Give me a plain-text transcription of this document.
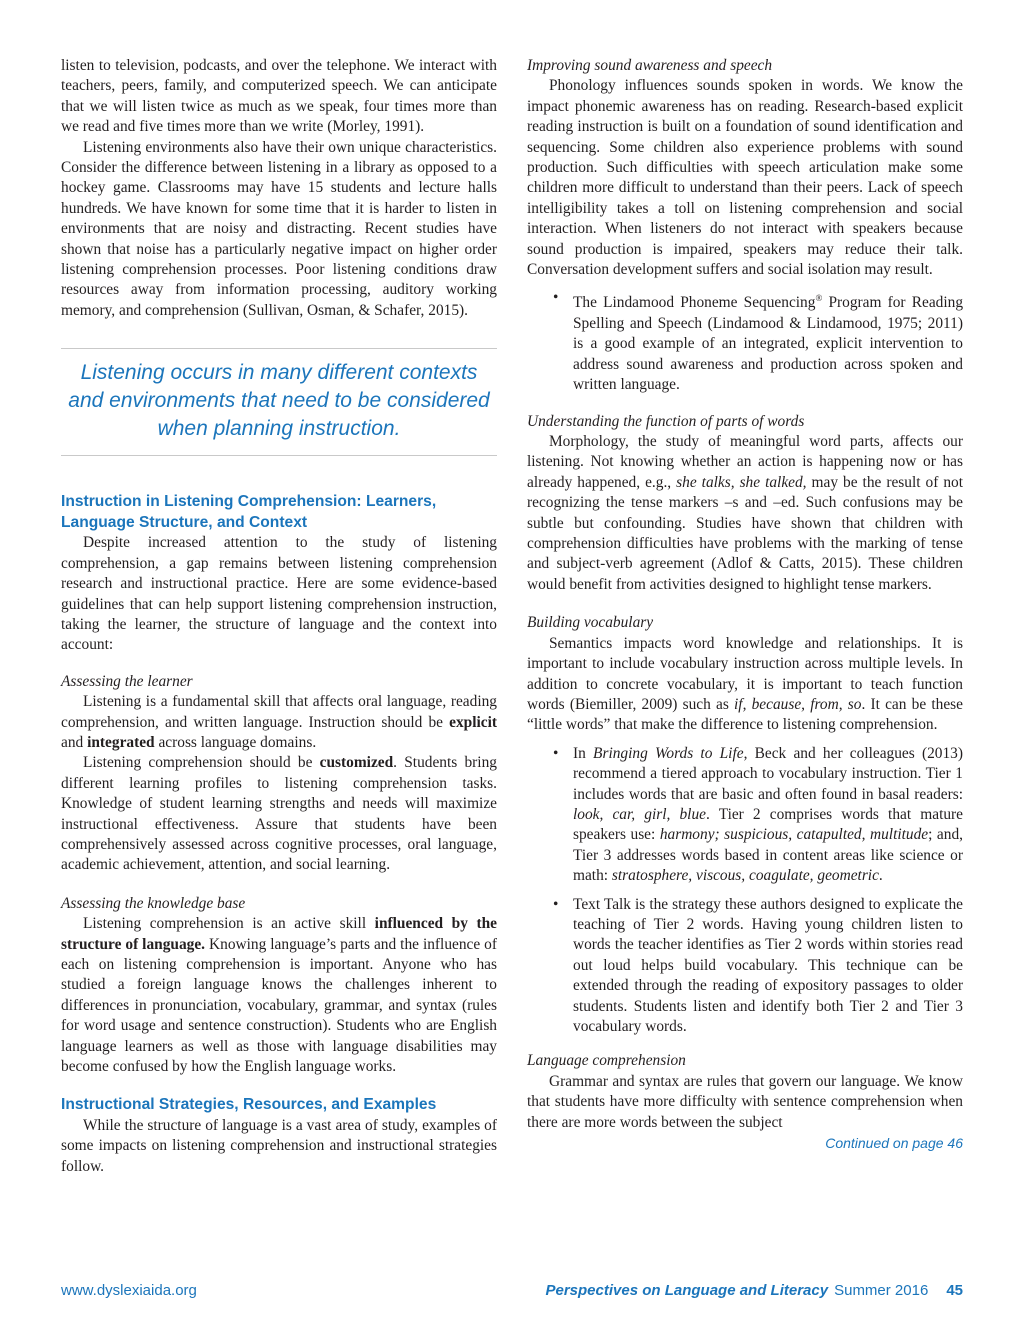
listen to television, podcasts, and over the telephone. We interact with teachers, peers, family, and computerized speech. We can anticipate that we will listen twice as much as we speak, four times more than we read and five times more than we write (Morley, 1991).

Listening environments also have their own unique characteristics. Consider the difference between listening in a library as opposed to a hockey game. Classrooms may have 15 students and lecture halls hundreds. We have known for some time that it is harder to listen in environments that are noisy and distracting. Recent studies have shown that noise has a particularly negative impact on higher order listening comprehension processes. Poor listening conditions draw resources away from information processing, auditory working memory, and comprehension (Sullivan, Osman, & Schafer, 2015).

Listening occurs in many different contexts and environments that need to be considered when planning instruction.
Instruction in Listening Comprehension: Learners, Language Structure, and Context

Despite increased attention to the study of listening comprehension, a gap remains between listening comprehension research and instructional practice. Here are some evidence-based guidelines that can help support listening comprehension instruction, taking the learner, the structure of language and the context into account:

Assessing the learner

Listening is a fundamental skill that affects oral language, reading comprehension, and written language. Instruction should be explicit and integrated across language domains.

Listening comprehension should be customized. Students bring different learning profiles to listening comprehension tasks. Knowledge of student learning strengths and needs will maximize instructional effectiveness. Assure that students have been comprehensively assessed across cognitive processes, oral language, academic achievement, attention, and social learning.

Assessing the knowledge base

Listening comprehension is an active skill influenced by the structure of language. Knowing language’s parts and the influence of each on listening comprehension is important. Anyone who has studied a foreign language knows the challenges inherent to differences in pronunciation, vocabulary, grammar, and syntax (rules for word usage and sentence construction). Students who are English language learners as well as those with language disabilities may become confused by how the English language works.

Instructional Strategies, Resources, and Examples

While the structure of language is a vast area of study, examples of some impacts on listening comprehension and instructional strategies follow.

Improving sound awareness and speech

Phonology influences sounds spoken in words. We know the impact phonemic awareness has on reading. Research-based explicit reading instruction is built on a foundation of sound identification and sequencing. Some children also experience problems with sound production. Such difficulties with speech articulation make some children more difficult to understand than their peers. Lack of speech intelligibility takes a toll on listening comprehension and social interaction. When listeners do not interact with speakers because sound production is impaired, speakers may reduce their talk. Conversation development suffers and social isolation may result.

• The Lindamood Phoneme Sequencing® Program for Reading Spelling and Speech (Lindamood & Lindamood, 1975; 2011) is a good example of an integrated, explicit intervention to address sound awareness and production across spoken and written language.

Understanding the function of parts of words

Morphology, the study of meaningful word parts, affects our listening. Not knowing whether an action is happening now or has already happened, e.g., she talks, she talked, may be the result of not recognizing the tense markers –s and –ed. Such confusions may be subtle but confounding. Studies have shown that children with comprehension difficulties have problems with the marking of tense and subject-verb agreement (Adlof & Catts, 2015). These children would benefit from activities designed to highlight tense markers.

Building vocabulary

Semantics impacts word knowledge and relationships. It is important to include vocabulary instruction across multiple levels. In addition to concrete vocabulary, it is important to teach function words (Biemiller, 2009) such as if, because, from, so. It can be these “little words” that make the difference to listening comprehension.

• In Bringing Words to Life, Beck and her colleagues (2013) recommend a tiered approach to vocabulary instruction. Tier 1 includes words that are basic and often found in basal readers: look, car, girl, blue. Tier 2 comprises words that mature speakers use: harmony; suspicious, catapulted, multitude; and, Tier 3 addresses words based in content areas like science or math: stratosphere, viscous, coagulate, geometric.
• Text Talk is the strategy these authors designed to explicate the teaching of Tier 2 words. Having young children listen to words the teacher identifies as Tier 2 words within stories read out loud helps build vocabulary. This technique can be extended through the reading of expository passages to older students. Students listen and identify both Tier 2 and Tier 3 vocabulary words.

Language comprehension

Grammar and syntax are rules that govern our language. We know that students have more difficulty with sentence comprehension when there are more words between the subject

Continued on page 46
www.dyslexiaida.org	Perspectives on Language and Literacy Summer 2016 45
